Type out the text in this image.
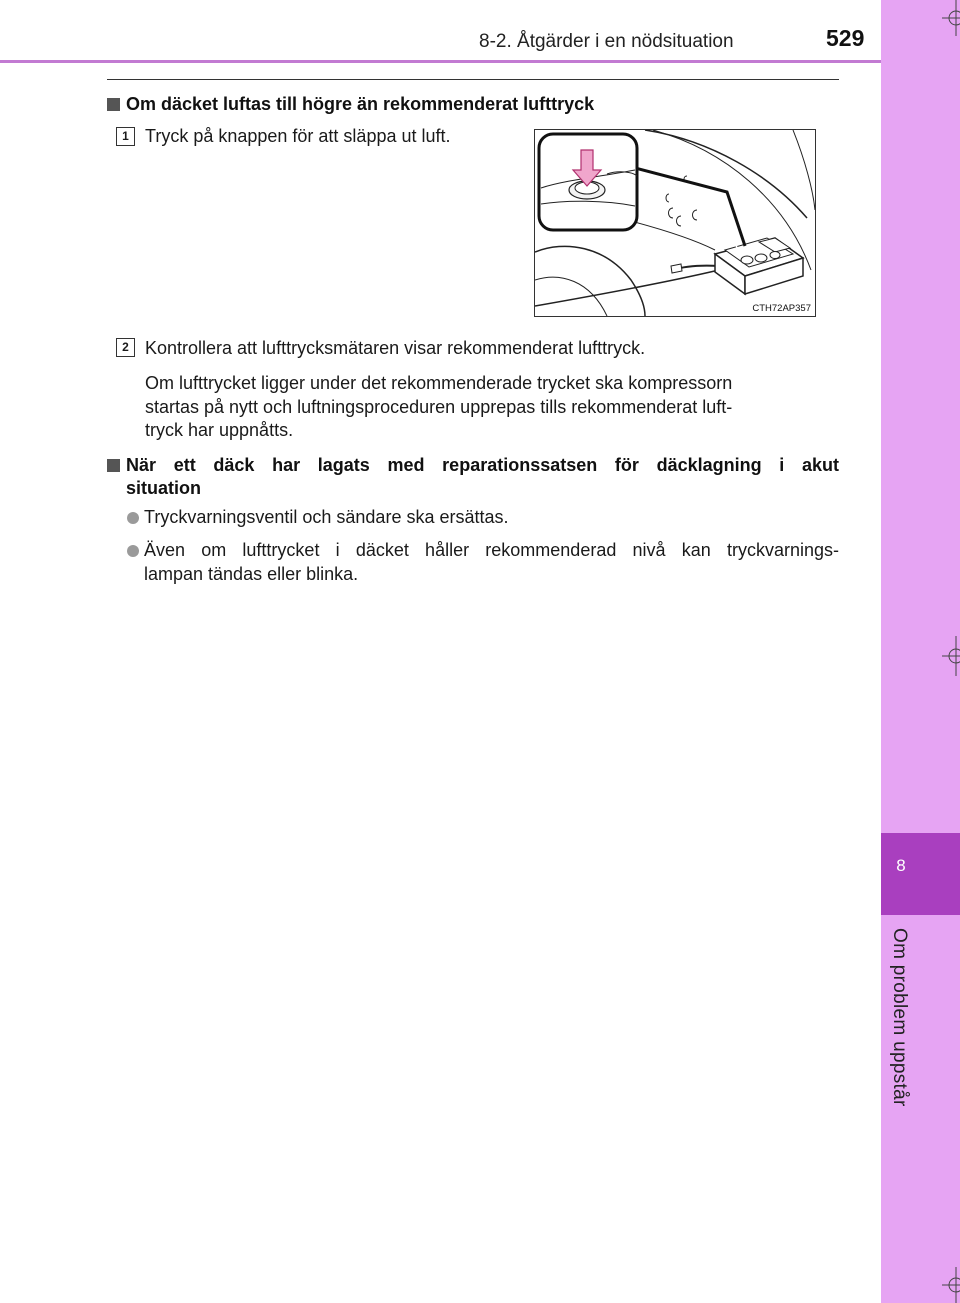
8
Om problem uppstår
8-2. Åtgärder i en nödsituation	529
Om däcket luftas till högre än rekommenderat lufttryck
1 Tryck på knappen för att släppa ut luft.
CTH72AP357
2 Kontrollera att lufttrycksmätaren visar rekommenderat lufttryck.
Om lufttrycket ligger under det rekommenderade trycket ska kompressorn
startas på nytt och luftningsproceduren upprepas tills rekommenderat luft-
tryck har uppnåtts.
När ett däck har lagats med reparationssatsen för däcklagning i akut
situation
Tryckvarningsventil och sändare ska ersättas.
Även om lufttrycket i däcket håller rekommenderad nivå kan tryckvarnings-
lampan tändas eller blinka.
